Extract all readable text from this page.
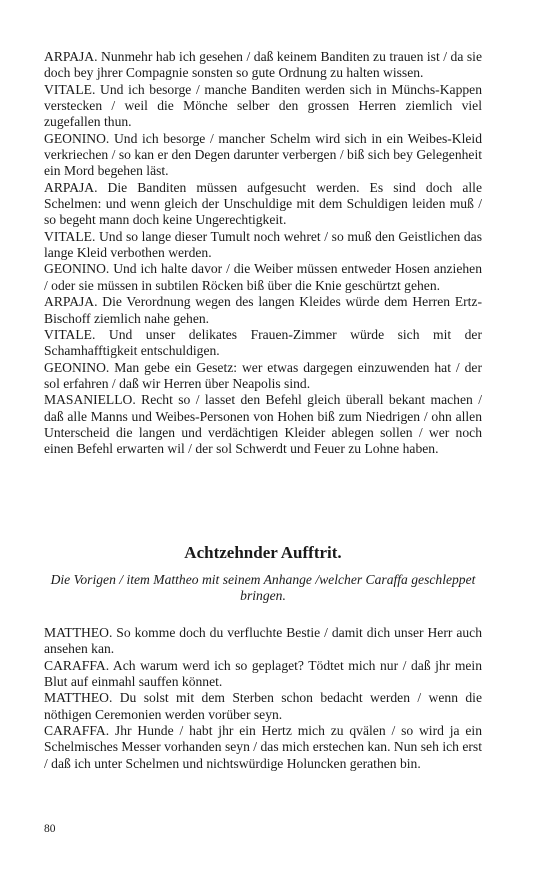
ARPAJA. Nunmehr hab ich gesehen / daß keinem Banditen zu trauen ist / da sie doch bey jhrer Compagnie sonsten so gute Ordnung zu halten wissen.

VITALE. Und ich besorge / manche Banditen werden sich in Münchs-Kappen verstecken / weil die Mönche selber den grossen Herren ziemlich viel zugefallen thun.

GEONINO. Und ich besorge / mancher Schelm wird sich in ein Weibes-Kleid verkriechen / so kan er den Degen darunter verbergen / biß sich bey Gelegenheit ein Mord begehen läst.

ARPAJA. Die Banditen müssen aufgesucht werden. Es sind doch alle Schelmen: und wenn gleich der Unschuldige mit dem Schuldigen leiden muß / so begeht mann doch keine Ungerechtigkeit.

VITALE. Und so lange dieser Tumult noch wehret / so muß den Geistlichen das lange Kleid verbothen werden.

GEONINO. Und ich halte davor / die Weiber müssen entweder Hosen anziehen / oder sie müssen in subtilen Röcken biß über die Knie geschürtzt gehen.

ARPAJA. Die Verordnung wegen des langen Kleides würde dem Herren Ertz-Bischoff ziemlich nahe gehen.

VITALE. Und unser delikates Frauen-Zimmer würde sich mit der Schamhafftigkeit entschuldigen.

GEONINO. Man gebe ein Gesetz: wer etwas dargegen einzuwenden hat / der sol erfahren / daß wir Herren über Neapolis sind.

MASANIELLO. Recht so / lasset den Befehl gleich überall bekant machen / daß alle Manns und Weibes-Personen von Hohen biß zum Niedrigen / ohn allen Unterscheid die langen und verdächtigen Kleider ablegen sollen / wer noch einen Befehl erwarten wil / der sol Schwerdt und Feuer zu Lohne haben.

Achtzehnder Aufftrit.

Die Vorigen / item Mattheo mit seinem Anhange /welcher Caraffa geschleppet bringen.

MATTHEO. So komme doch du verfluchte Bestie / damit dich unser Herr auch ansehen kan.

CARAFFA. Ach warum werd ich so geplaget? Tödtet mich nur / daß jhr mein Blut auf einmahl sauffen könnet.

MATTHEO. Du solst mit dem Sterben schon bedacht werden / wenn die nöthigen Ceremonien werden vorüber seyn.

CARAFFA. Jhr Hunde / habt jhr ein Hertz mich zu qvälen / so wird ja ein Schelmisches Messer vorhanden seyn / das mich erstechen kan. Nun seh ich erst / daß ich unter Schelmen und nichtswürdige Holuncken gerathen bin.

80
